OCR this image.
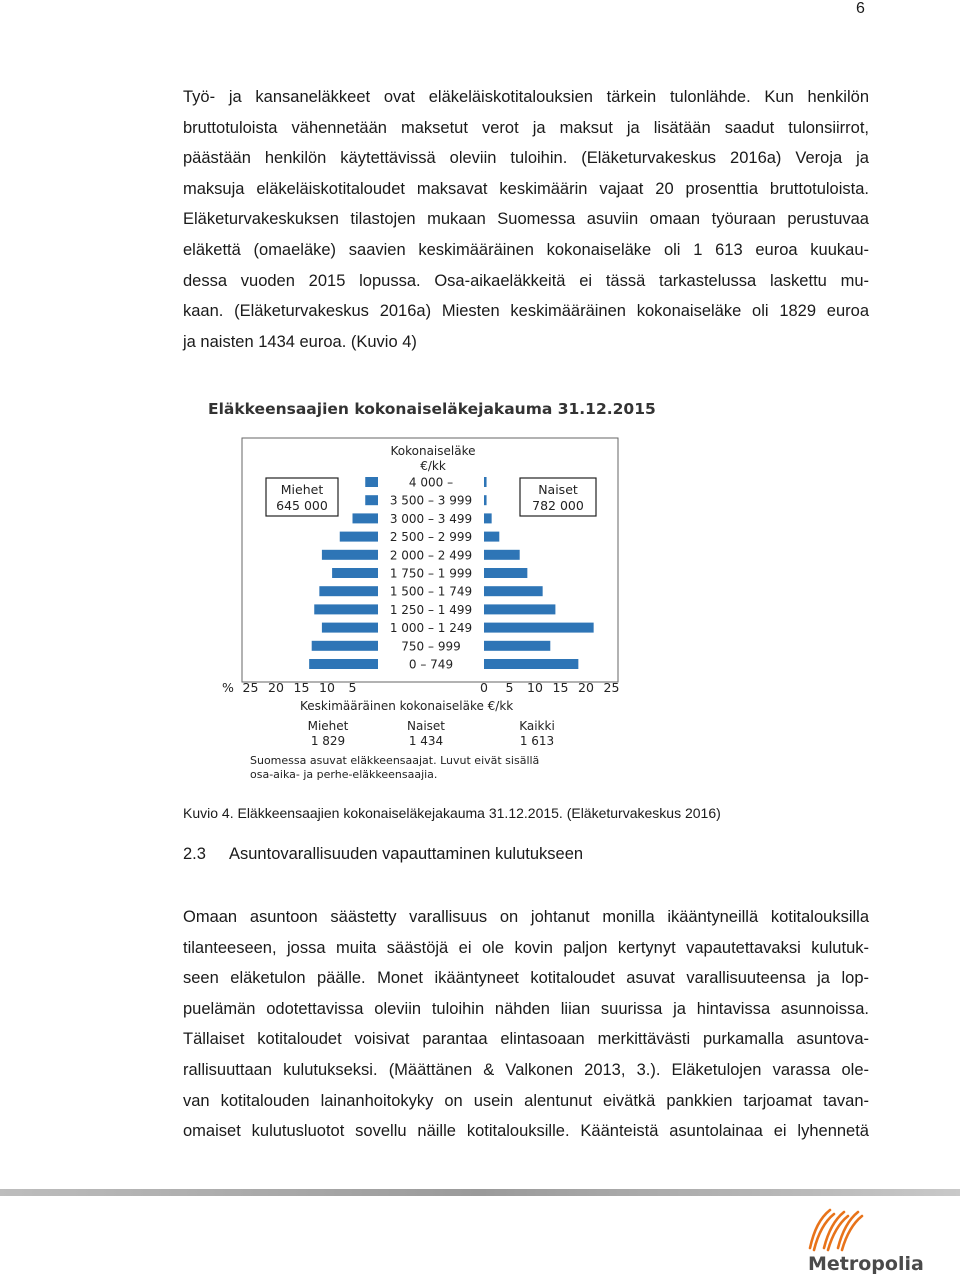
6
Työ- ja kansaneläkkeet ovat eläkeläiskotitalouksien tärkein tulonlähde. Kun henkilön
bruttotuloista vähennetään maksetut verot ja maksut ja lisätään saadut tulonsiirrot,
päästään henkilön käytettävissä oleviin tuloihin. (Eläketurvakeskus 2016a) Veroja ja
maksuja eläkeläiskotitaloudet maksavat keskimäärin vajaat 20 prosenttia bruttotuloista.
Eläketurvakeskuksen tilastojen mukaan Suomessa asuviin omaan työuraan perustuvaa
eläkettä (omaeläke) saavien keskimääräinen kokonaiseläke oli 1 613 euroa kuukau-
dessa vuoden 2015 lopussa. Osa-aikaeläkkeitä ei tässä tarkastelussa laskettu mu-
kaan. (Eläketurvakeskus 2016a) Miesten keskimääräinen kokonaiseläke oli 1829 euroa
ja naisten 1434 euroa. (Kuvio 4)
Eläkkeensaajien kokonaiseläkejakauma 31.12.2015
Kokonaiseläke
€/kk
Miehet
645 000
Naiset
782 000
4 000 –
3 500 – 3 999
3 000 – 3 499
2 500 – 2 999
2 000 – 2 499
1 750 – 1 999
1 500 – 1 749
1 250 – 1 499
1 000 – 1 249
750 – 999
0 – 749
25 20 15 10 5	0 5 10 15 20 25
%
Keskimääräinen kokonaiseläke €/kk
Miehet
1 829
Naiset
1 434
Kaikki
1 613
Suomessa asuvat eläkkeensaajat. Luvut eivät sisällä
osa-aika- ja perhe-eläkkeensaajia.
Kuvio 4. Eläkkeensaajien kokonaiseläkejakauma 31.12.2015. (Eläketurvakeskus 2016)
2.3 Asuntovarallisuuden vapauttaminen kulutukseen
Omaan asuntoon säästetty varallisuus on johtanut monilla ikääntyneillä kotitalouksilla
tilanteeseen, jossa muita säästöjä ei ole kovin paljon kertynyt vapautettavaksi kulutuk-
seen eläketulon päälle. Monet ikääntyneet kotitaloudet asuvat varallisuuteensa ja lop-
puelämän odotettavissa oleviin tuloihin nähden liian suurissa ja hintavissa asunnoissa.
Tällaiset kotitaloudet voisivat parantaa elintasoaan merkittävästi purkamalla asuntova-
rallisuuttaan kulutukseksi. (Määttänen & Valkonen 2013, 3.). Eläketulojen varassa ole-
van kotitalouden lainanhoitokyky on usein alentunut eivätkä pankkien tarjoamat tavan-
omaiset kulutusluotot sovellu näille kotitalouksille. Käänteistä asuntolainaa ei lyhennetä
Metropolia
